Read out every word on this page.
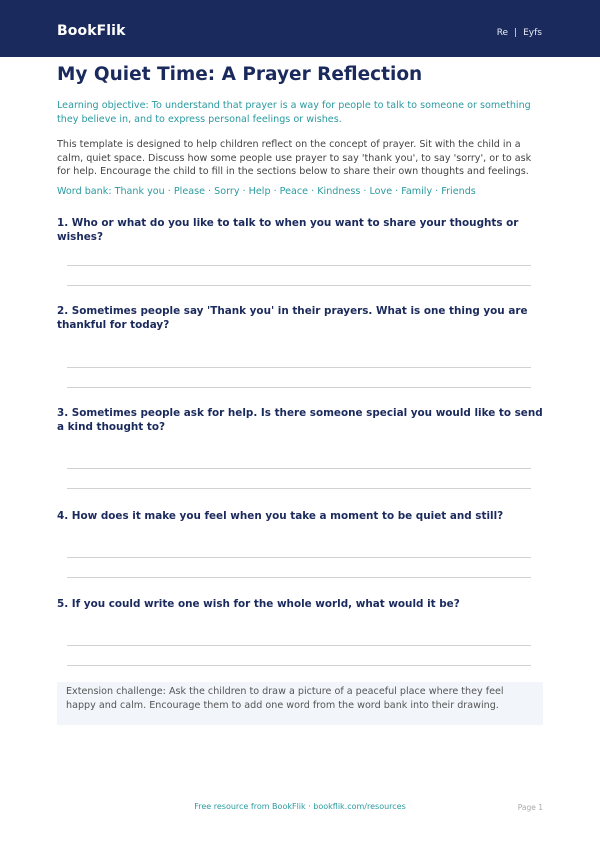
BookFlik	Re | Eyfs
My Quiet Time: A Prayer Reflection
Learning objective: To understand that prayer is a way for people to talk to someone or something they believe in, and to express personal feelings or wishes.
This template is designed to help children reflect on the concept of prayer. Sit with the child in a calm, quiet space. Discuss how some people use prayer to say 'thank you', to say 'sorry', or to ask for help. Encourage the child to fill in the sections below to share their own thoughts and feelings.
Word bank: Thank you · Please · Sorry · Help · Peace · Kindness · Love · Family · Friends
1. Who or what do you like to talk to when you want to share your thoughts or wishes?
2. Sometimes people say 'Thank you' in their prayers. What is one thing you are thankful for today?
3. Sometimes people ask for help. Is there someone special you would like to send a kind thought to?
4. How does it make you feel when you take a moment to be quiet and still?
5. If you could write one wish for the whole world, what would it be?
Extension challenge: Ask the children to draw a picture of a peaceful place where they feel happy and calm. Encourage them to add one word from the word bank into their drawing.
Free resource from BookFlik · bookflik.com/resources	Page 1
